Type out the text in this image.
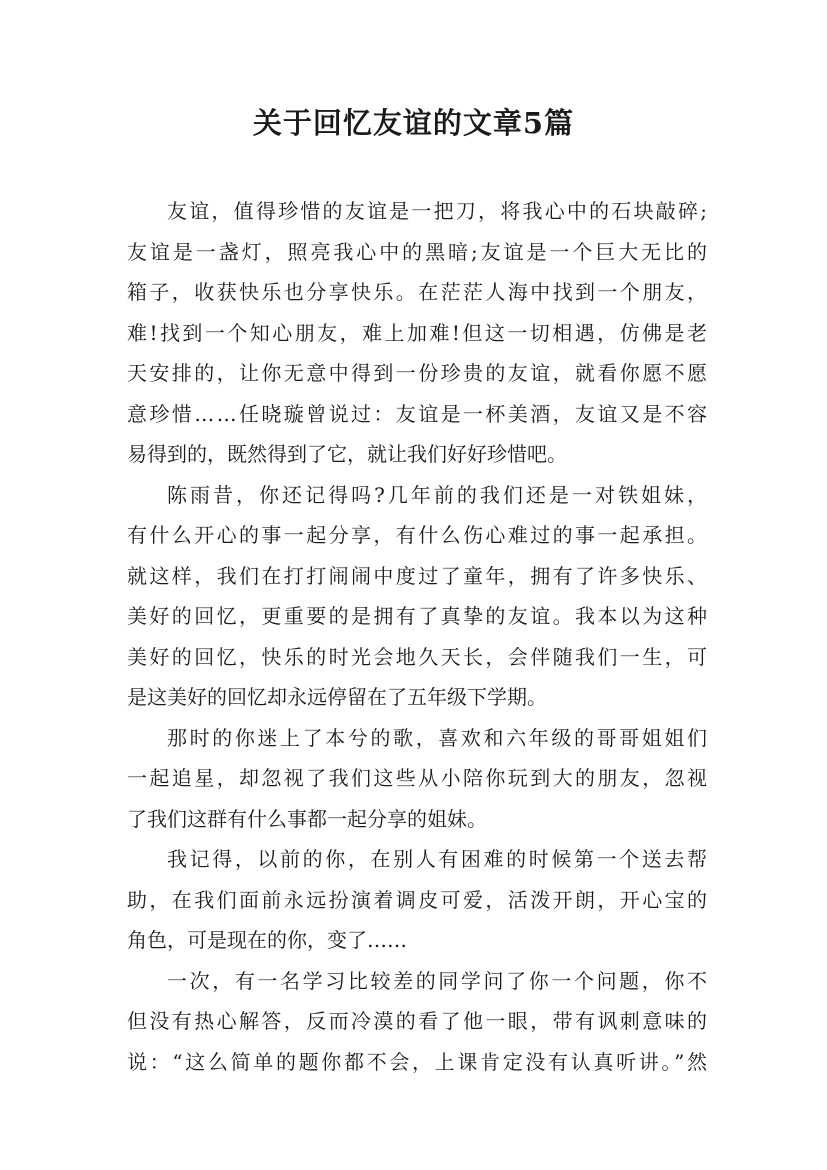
关于回忆友谊的文章5篇
友谊，值得珍惜的友谊是一把刀，将我心中的石块敲碎;
友谊是一盏灯，照亮我心中的黑暗;友谊是一个巨大无比的
箱子，收获快乐也分享快乐。在茫茫人海中找到一个朋友，
难!找到一个知心朋友，难上加难!但这一切相遇，仿佛是老
天安排的，让你无意中得到一份珍贵的友谊，就看你愿不愿
意珍惜……任晓璇曾说过：友谊是一杯美酒，友谊又是不容
易得到的，既然得到了它，就让我们好好珍惜吧。
陈雨昔，你还记得吗?几年前的我们还是一对铁姐妹，
有什么开心的事一起分享，有什么伤心难过的事一起承担。
就这样，我们在打打闹闹中度过了童年，拥有了许多快乐、
美好的回忆，更重要的是拥有了真挚的友谊。我本以为这种
美好的回忆，快乐的时光会地久天长，会伴随我们一生，可
是这美好的回忆却永远停留在了五年级下学期。
那时的你迷上了本兮的歌，喜欢和六年级的哥哥姐姐们
一起追星，却忽视了我们这些从小陪你玩到大的朋友，忽视
了我们这群有什么事都一起分享的姐妹。
我记得，以前的你，在别人有困难的时候第一个送去帮
助，在我们面前永远扮演着调皮可爱，活泼开朗，开心宝的
角色，可是现在的你，变了……
一次，有一名学习比较差的同学问了你一个问题，你不
但没有热心解答，反而冷漠的看了他一眼，带有讽刺意味的
说：“这么简单的题你都不会，上课肯定没有认真听讲。”然
